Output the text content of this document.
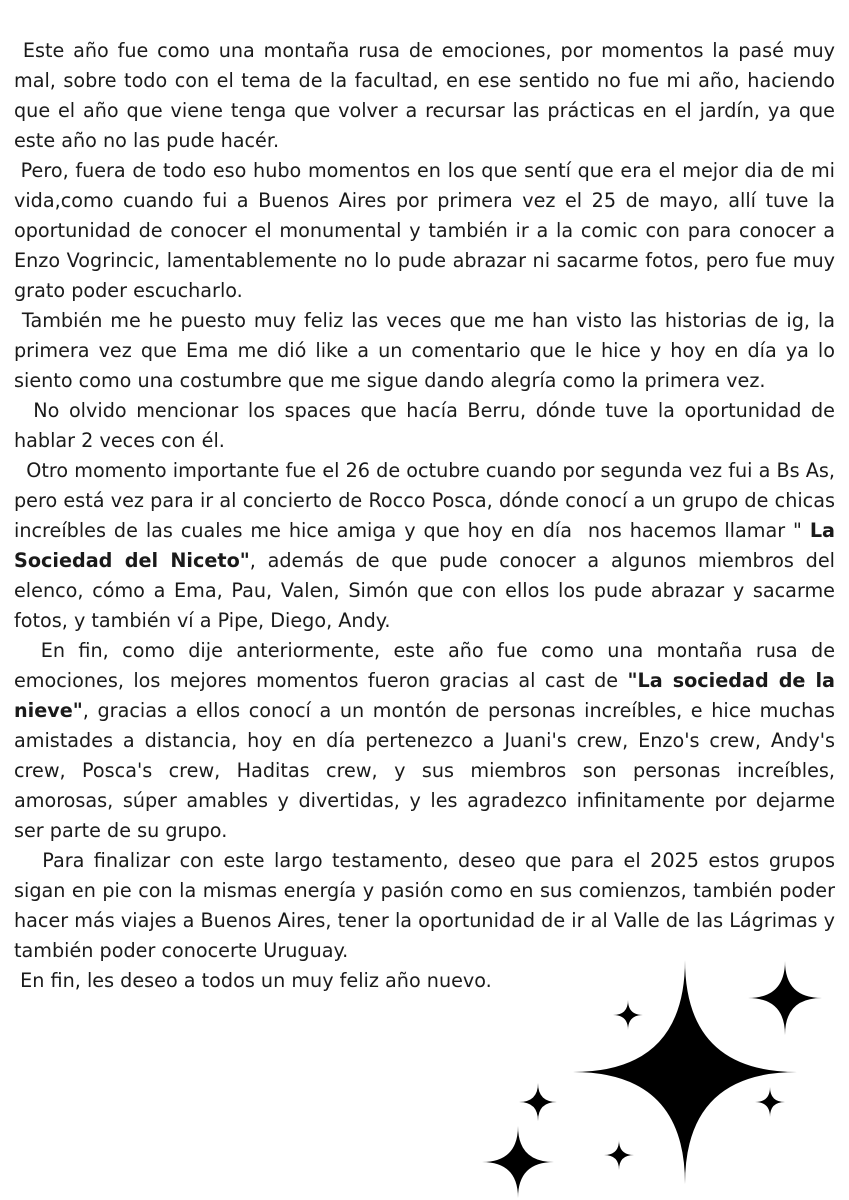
Este año fue como una montaña rusa de emociones, por momentos la pasé muy mal, sobre todo con el tema de la facultad, en ese sentido no fue mi año, haciendo que el año que viene tenga que volver a recursar las prácticas en el jardín, ya que este año no las pude hacér.

Pero, fuera de todo eso hubo momentos en los que sentí que era el mejor dia de mi vida,como cuando fui a Buenos Aires por primera vez el 25 de mayo, allí tuve la oportunidad de conocer el monumental y también ir a la comic con para conocer a Enzo Vogrincic, lamentablemente no lo pude abrazar ni sacarme fotos, pero fue muy grato poder escucharlo.

También me he puesto muy feliz las veces que me han visto las historias de ig, la primera vez que Ema me dió like a un comentario que le hice y hoy en día ya lo siento como una costumbre que me sigue dando alegría como la primera vez.

No olvido mencionar los spaces que hacía Berru, dónde tuve la oportunidad de hablar 2 veces con él.

Otro momento importante fue el 26 de octubre cuando por segunda vez fui a Bs As, pero está vez para ir al concierto de Rocco Posca, dónde conocí a un grupo de chicas increíbles de las cuales me hice amiga y que hoy en día  nos hacemos llamar " La Sociedad del Niceto", además de que pude conocer a algunos miembros del elenco, cómo a Ema, Pau, Valen, Simón que con ellos los pude abrazar y sacarme fotos, y también ví a Pipe, Diego, Andy.

En fin, como dije anteriormente, este año fue como una montaña rusa de emociones, los mejores momentos fueron gracias al cast de "La sociedad de la nieve", gracias a ellos conocí a un montón de personas increíbles, e hice muchas amistades a distancia, hoy en día pertenezco a Juani's crew, Enzo's crew, Andy's crew, Posca's crew, Haditas crew, y sus miembros son personas increíbles, amorosas, súper amables y divertidas, y les agradezco infinitamente por dejarme ser parte de su grupo.

Para finalizar con este largo testamento, deseo que para el 2025 estos grupos sigan en pie con la mismas energía y pasión como en sus comienzos, también poder hacer más viajes a Buenos Aires, tener la oportunidad de ir al Valle de las Lágrimas y también poder conocerte Uruguay.

En fin, les deseo a todos un muy feliz año nuevo.
